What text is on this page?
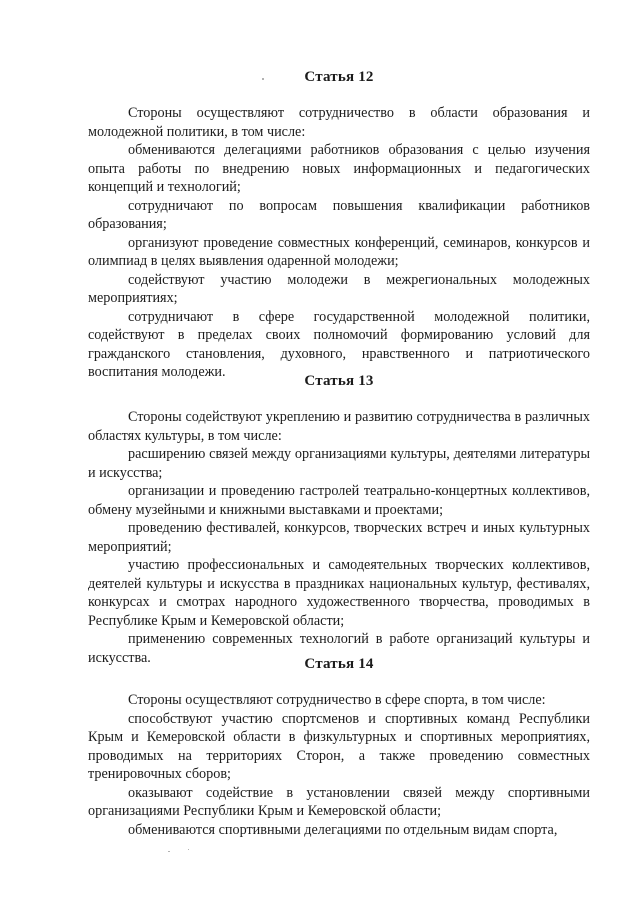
Статья 12

Стороны осуществляют сотрудничество в области образования и молодежной политики, в том числе:

обмениваются делегациями работников образования с целью изучения опыта работы по внедрению новых информационных и педагогических концепций и технологий;

сотрудничают по вопросам повышения квалификации работников образования;

организуют проведение совместных конференций, семинаров, конкурсов и олимпиад в целях выявления одаренной молодежи;

содействуют участию молодежи в межрегиональных молодежных мероприятиях;

сотрудничают в сфере государственной молодежной политики, содействуют в пределах своих полномочий формированию условий для гражданского становления, духовного, нравственного и патриотического воспитания молодежи.

Статья 13

Стороны содействуют укреплению и развитию сотрудничества в различных областях культуры, в том числе:

расширению связей между организациями культуры, деятелями литературы и искусства;

организации и проведению гастролей театрально-концертных коллективов, обмену музейными и книжными выставками и проектами;

проведению фестивалей, конкурсов, творческих встреч и иных культурных мероприятий;

участию профессиональных и самодеятельных творческих коллективов, деятелей культуры и искусства в праздниках национальных культур, фестивалях, конкурсах и смотрах народного художественного творчества, проводимых в Республике Крым и Кемеровской области;

применению современных технологий в работе организаций культуры и искусства.	Статья 14

Стороны осуществляют сотрудничество в сфере спорта, в том числе:

способствуют участию спортсменов и спортивных команд Республики Крым и Кемеровской области в физкультурных и спортивных мероприятиях, проводимых на территориях Сторон, а также проведению совместных тренировочных сборов;

оказывают содействие в установлении связей между спортивными организациями Республики Крым и Кемеровской области;

обмениваются спортивными делегациями по отдельным видам спорта,
